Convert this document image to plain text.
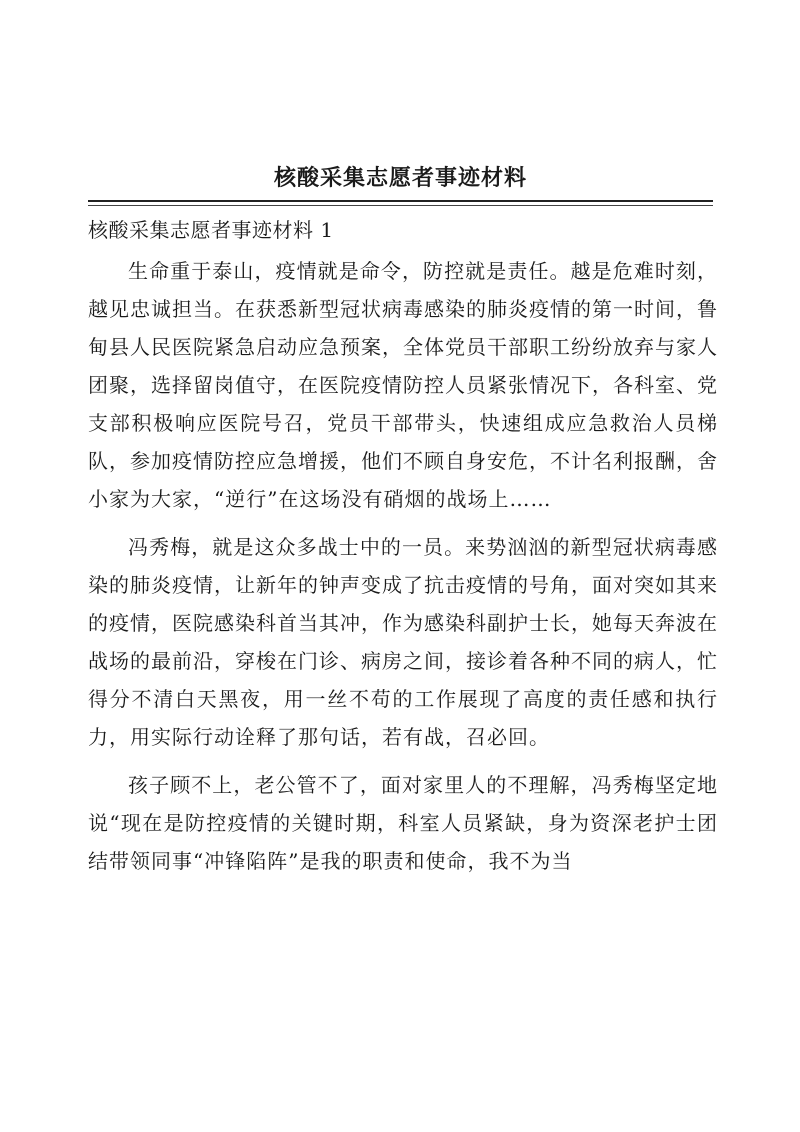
核酸采集志愿者事迹材料
核酸采集志愿者事迹材料 1

生命重于泰山，疫情就是命令，防控就是责任。越是危难时刻，越见忠诚担当。在获悉新型冠状病毒感染的肺炎疫情的第一时间，鲁甸县人民医院紧急启动应急预案，全体党员干部职工纷纷放弃与家人团聚，选择留岗值守，在医院疫情防控人员紧张情况下，各科室、党支部积极响应医院号召，党员干部带头，快速组成应急救治人员梯队，参加疫情防控应急增援，他们不顾自身安危，不计名利报酬，舍小家为大家，“逆行”在这场没有硝烟的战场上……

冯秀梅，就是这众多战士中的一员。来势汹汹的新型冠状病毒感染的肺炎疫情，让新年的钟声变成了抗击疫情的号角，面对突如其来的疫情，医院感染科首当其冲，作为感染科副护士长，她每天奔波在战场的最前沿，穿梭在门诊、病房之间，接诊着各种不同的病人，忙得分不清白天黑夜，用一丝不苟的工作展现了高度的责任感和执行力，用实际行动诠释了那句话，若有战，召必回。

孩子顾不上，老公管不了，面对家里人的不理解，冯秀梅坚定地说“现在是防控疫情的关键时期，科室人员紧缺，身为资深老护士团结带领同事“冲锋陷阵”是我的职责和使命，我不为当
